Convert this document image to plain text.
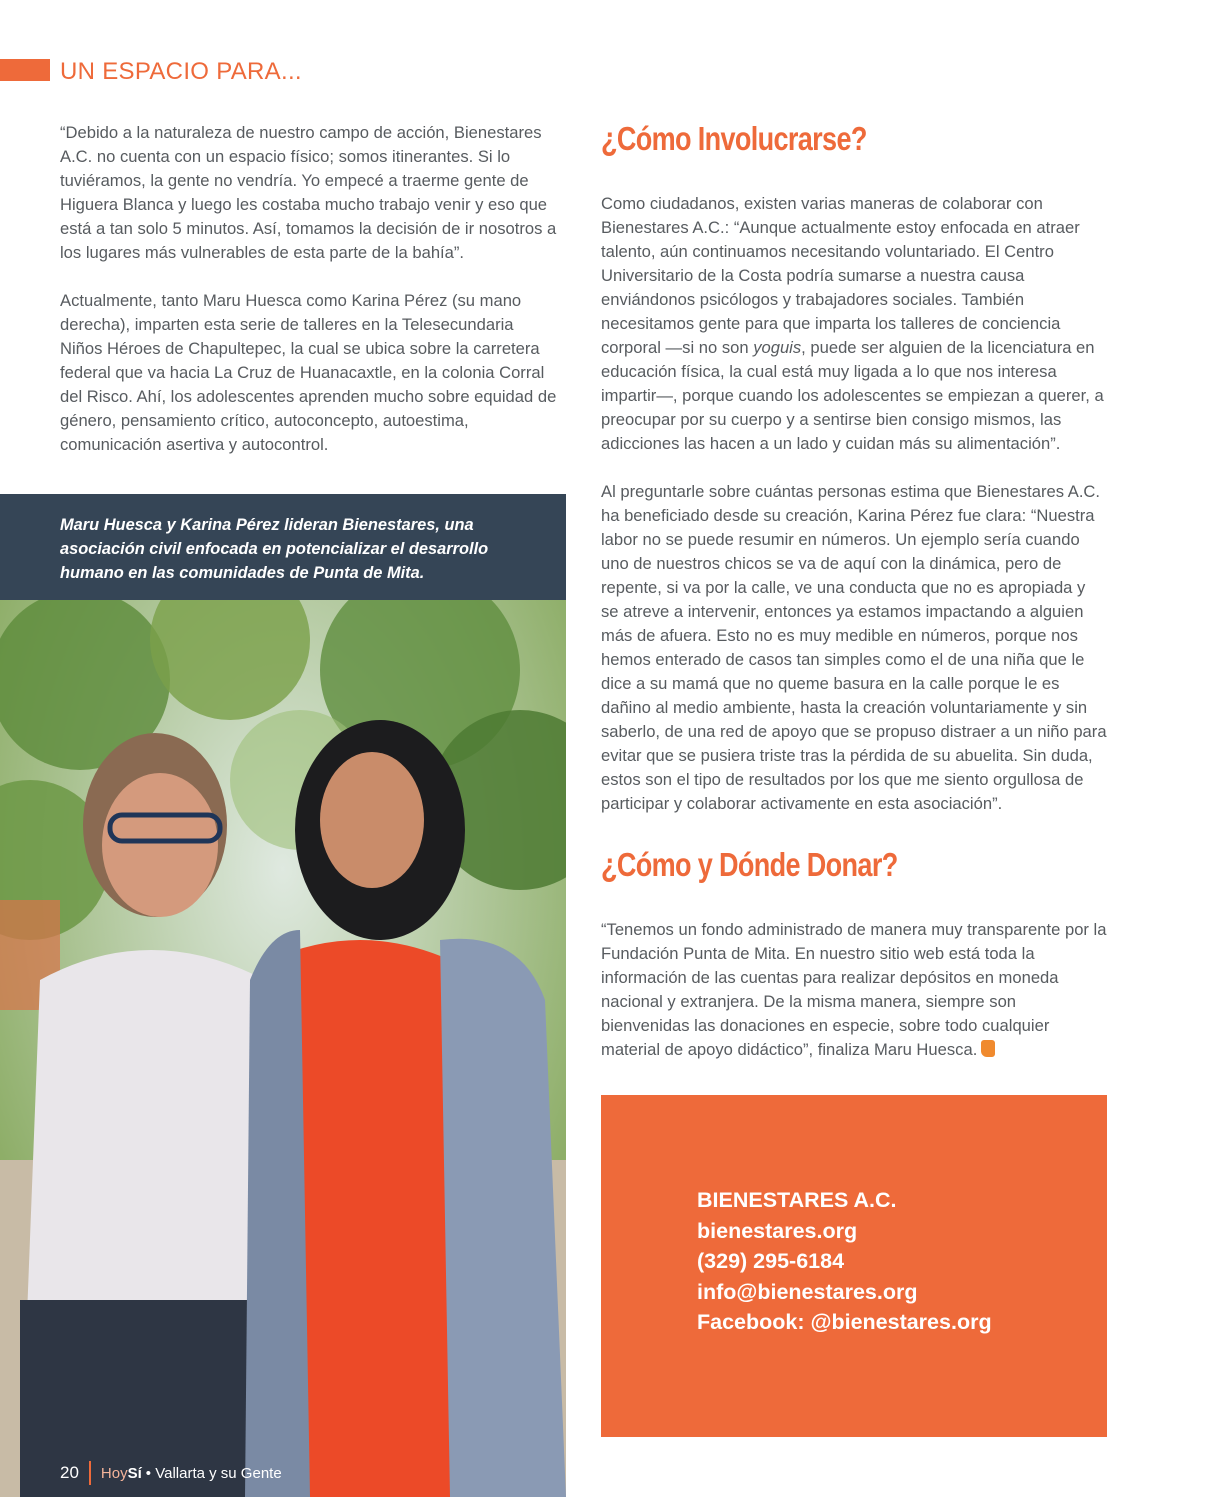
UN ESPACIO PARA...

“Debido a la naturaleza de nuestro campo de acción, Bienestares A.C. no cuenta con un espacio físico; somos itinerantes. Si lo tuviéramos, la gente no vendría. Yo empecé a traerme gente de Higuera Blanca y luego les costaba mucho trabajo venir y eso que está a tan solo 5 minutos. Así, tomamos la decisión de ir nosotros a los lugares más vulnerables de esta parte de la bahía”.

Actualmente, tanto Maru Huesca como Karina Pérez (su mano derecha), imparten esta serie de talleres en la Telesecundaria Niños Héroes de Chapultepec, la cual se ubica sobre la carretera federal que va hacia La Cruz de Huanacaxtle, en la colonia Corral del Risco. Ahí, los adolescentes aprenden mucho sobre equidad de género, pensamiento crítico, autoconcepto, autoestima, comunicación asertiva y autocontrol.

Maru Huesca y Karina Pérez lideran Bienestares, una asociación civil enfocada en potencializar el desarrollo humano en las comunidades de Punta de Mita.
20 Hoy Sí • Vallarta y su Gente
¿Cómo Involucrarse?

Como ciudadanos, existen varias maneras de colaborar con Bienestares A.C.: “Aunque actualmente estoy enfocada en atraer talento, aún continuamos necesitando voluntariado. El Centro Universitario de la Costa podría sumarse a nuestra causa enviándonos psicólogos y trabajadores sociales. También necesitamos gente para que imparta los talleres de conciencia corporal —si no son yoguis, puede ser alguien de la licenciatura en educación física, la cual está muy ligada a lo que nos interesa impartir—, porque cuando los adolescentes se empiezan a querer, a preocupar por su cuerpo y a sentirse bien consigo mismos, las adicciones las hacen a un lado y cuidan más su alimentación”.

Al preguntarle sobre cuántas personas estima que Bienestares A.C. ha beneficiado desde su creación, Karina Pérez fue clara: “Nuestra labor no se puede resumir en números. Un ejemplo sería cuando uno de nuestros chicos se va de aquí con la dinámica, pero de repente, si va por la calle, ve una conducta que no es apropiada y se atreve a intervenir, entonces ya estamos impactando a alguien más de afuera. Esto no es muy medible en números, porque nos hemos enterado de casos tan simples como el de una niña que le dice a su mamá que no queme basura en la calle porque le es dañino al medio ambiente, hasta la creación voluntariamente y sin saberlo, de una red de apoyo que se propuso distraer a un niño para evitar que se pusiera triste tras la pérdida de su abuelita. Sin duda, estos son el tipo de resultados por los que me siento orgullosa de participar y colaborar activamente en esta asociación”.

¿Cómo y Dónde Donar?

“Tenemos un fondo administrado de manera muy transparente por la Fundación Punta de Mita. En nuestro sitio web está toda la información de las cuentas para realizar depósitos en moneda nacional y extranjera. De la misma manera, siempre son bienvenidas las donaciones en especie, sobre todo cualquier material de apoyo didáctico”, finaliza Maru Huesca.

BIENESTARES A.C.
bienestares.org
(329) 295-6184
info@bienestares.org
Facebook: @bienestares.org
